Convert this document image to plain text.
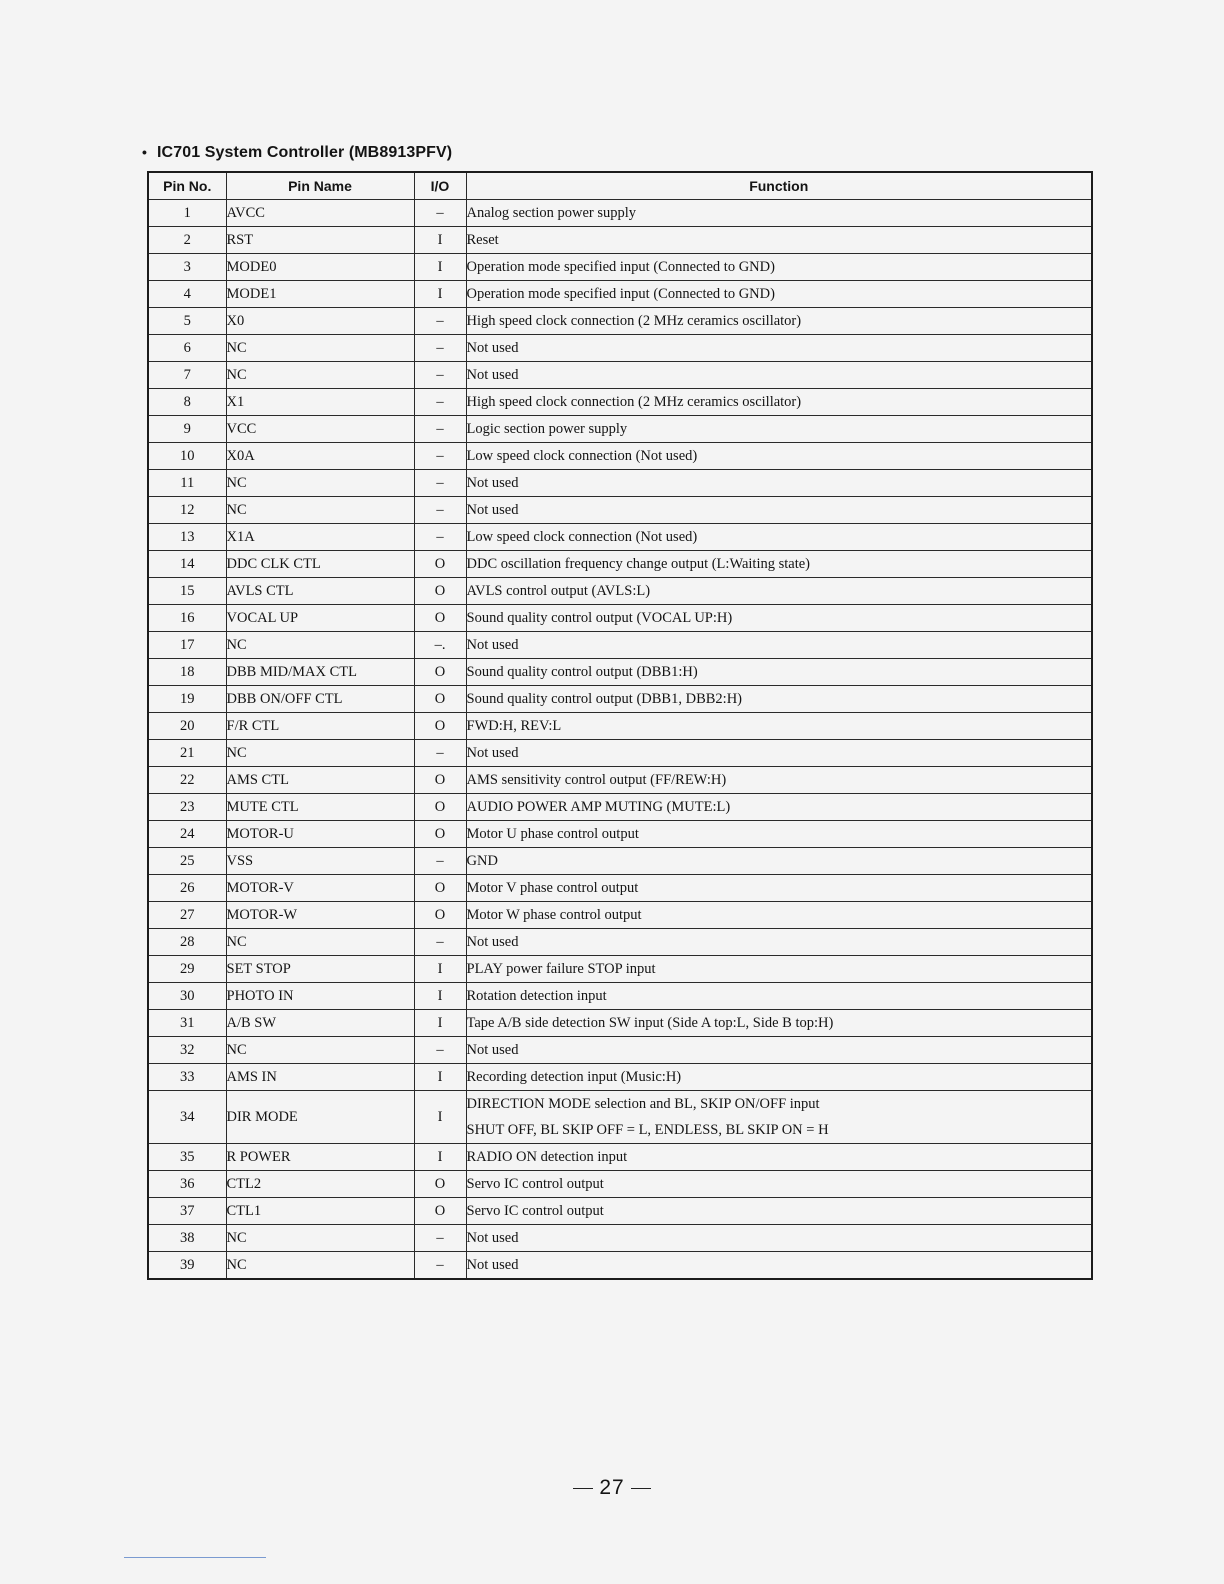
• IC701 System Controller (MB8913PFV)
Pin No.	Pin Name	I/O	Function
1	AVCC	–	Analog section power supply

2	RST	I	Reset

3	MODE0	I	Operation mode specified input (Connected to GND)

4	MODE1	I	Operation mode specified input (Connected to GND)

5	X0	–	High speed clock connection (2 MHz ceramics oscillator)

6	NC	–	Not used

7	NC	–	Not used

8	X1	–	High speed clock connection (2 MHz ceramics oscillator)

9	VCC	–	Logic section power supply

10	X0A	–	Low speed clock connection (Not used)

11	NC	–	Not used

12	NC	–	Not used

13	X1A	–	Low speed clock connection (Not used)

14	DDC CLK CTL	O	DDC oscillation frequency change output (L:Waiting state)

15	AVLS CTL	O	AVLS control output (AVLS:L)

16	VOCAL UP	O	Sound quality control output (VOCAL UP:H)

17	NC	–.	Not used

18	DBB MID/MAX CTL	O	Sound quality control output (DBB1:H)

19	DBB ON/OFF CTL	O	Sound quality control output (DBB1, DBB2:H)

20	F/R CTL	O	FWD:H, REV:L

21	NC	–	Not used

22	AMS CTL	O	AMS sensitivity control output (FF/REW:H)

23	MUTE CTL	O	AUDIO POWER AMP MUTING (MUTE:L)

24	MOTOR-U	O	Motor U phase control output

25	VSS	–	GND

26	MOTOR-V	O	Motor V phase control output

27	MOTOR-W	O	Motor W phase control output

28	NC	–	Not used

29	SET STOP	I	PLAY power failure STOP input

30	PHOTO IN	I	Rotation detection input

31	A/B SW	I	Tape A/B side detection SW input (Side A top:L, Side B top:H)

32	NC	–	Not used

33	AMS IN	I	Recording detection input (Music:H)

34	DIR MODE	I	DIRECTION MODE selection and BL, SKIP ON/OFF input
SHUT OFF, BL SKIP OFF = L, ENDLESS, BL SKIP ON = H

35	R POWER	I	RADIO ON detection input

36	CTL2	O	Servo IC control output

37	CTL1	O	Servo IC control output

38	NC	–	Not used

39	NC	–	Not used
27
